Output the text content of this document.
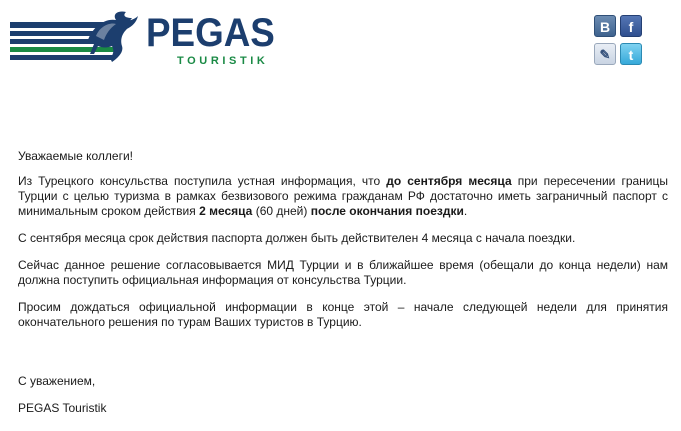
PEGAS
TOURISTIK
В	f
✎	t

Уважаемые коллеги!

Из Турецкого консульства поступила устная информация, что до сентября месяца при пересечении границы Турции с целью туризма в рамках безвизового режима гражданам РФ достаточно иметь заграничный паспорт с минимальным сроком действия 2 месяца (60 дней) после окончания поездки.

С сентября месяца срок действия паспорта должен быть действителен 4 месяца с начала поездки.

Сейчас данное решение согласовывается МИД Турции и в ближайшее время (обещали до конца недели) нам должна поступить официальная информация от консульства Турции.

Просим дождаться официальной информации в конце этой – начале следующей недели для принятия окончательного решения по турам Ваших туристов в Турцию.

С уважением,
PEGAS Touristik
